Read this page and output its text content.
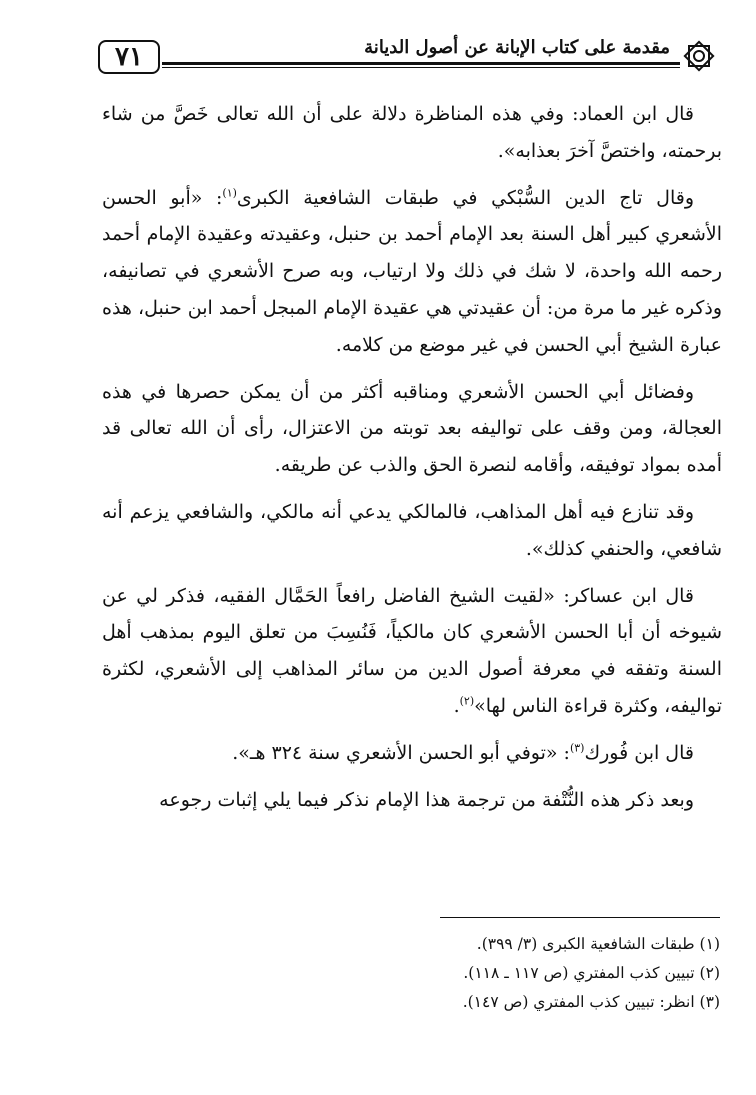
مقدمة على كتاب الإبانة عن أصول الديانة
٧١

قال ابن العماد: وفي هذه المناظرة دلالة على أن الله تعالى خَصَّ من شاء برحمته، واختصَّ آخرَ بعذابه».

وقال تاج الدين السُّبْكي في طبقات الشافعية الكبرى$^{(١)}$: «أبو الحسن الأشعري كبير أهل السنة بعد الإمام أحمد بن حنبل، وعقيدته وعقيدة الإمام أحمد رحمه الله واحدة، لا شك في ذلك ولا ارتياب، وبه صرح الأشعري في تصانيفه، وذكره غير ما مرة من: أن عقيدتي هي عقيدة الإمام المبجل أحمد ابن حنبل، هذه عبارة الشيخ أبي الحسن في غير موضع من كلامه.

وفضائل أبي الحسن الأشعري ومناقبه أكثر من أن يمكن حصرها في هذه العجالة، ومن وقف على تواليفه بعد توبته من الاعتزال، رأى أن الله تعالى قد أمده بمواد توفيقه، وأقامه لنصرة الحق والذب عن طريقه.

وقد تنازع فيه أهل المذاهب، فالمالكي يدعي أنه مالكي، والشافعي يزعم أنه شافعي، والحنفي كذلك».

قال ابن عساكر: «لقيت الشيخ الفاضل رافعاً الحَمَّال الفقيه، فذكر لي عن شيوخه أن أبا الحسن الأشعري كان مالكياً، فَنُسِبَ من تعلق اليوم بمذهب أهل السنة وتفقه في معرفة أصول الدين من سائر المذاهب إلى الأشعري، لكثرة تواليفه، وكثرة قراءة الناس لها»$^{(٢)}$.

قال ابن فُورك$^{(٣)}$: «توفي أبو الحسن الأشعري سنة ٣٢٤ هـ».

وبعد ذكر هذه النُّتْفة من ترجمة هذا الإمام نذكر فيما يلي إثبات رجوعه

(١) طبقات الشافعية الكبرى (٣/ ٣٩٩).
(٢) تبيين كذب المفتري (ص ١١٧ ـ ١١٨).
(٣) انظر: تبيين كذب المفتري (ص ١٤٧).
